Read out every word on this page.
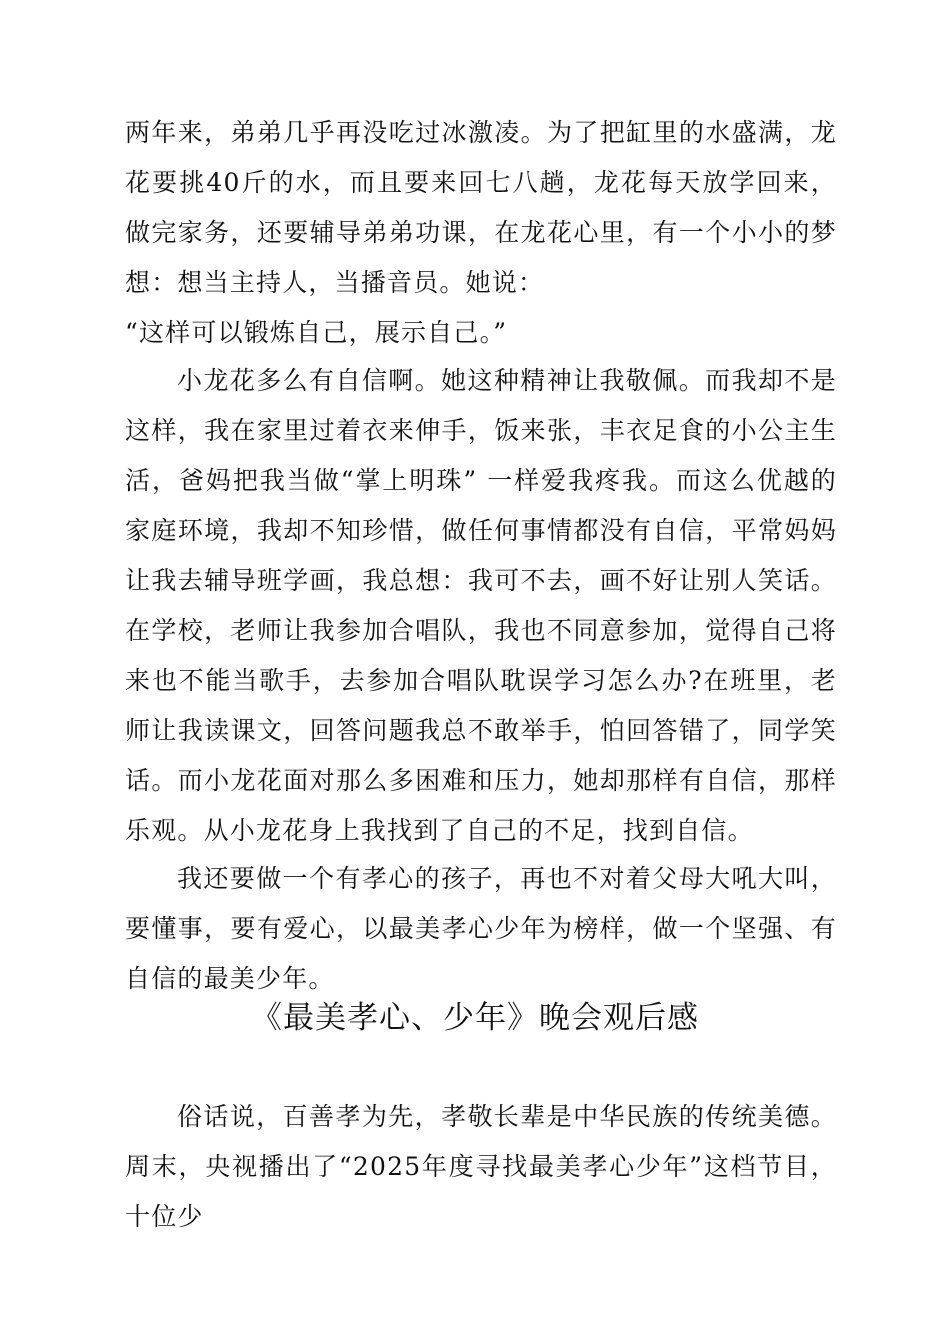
两年来，弟弟几乎再没吃过冰激凌。为了把缸里的水盛满，龙花要挑40斤的水，而且要来回七八趟，龙花每天放学回来，做完家务，还要辅导弟弟功课，在龙花心里，有一个小小的梦想：想当主持人，当播音员。她说：

“这样可以锻炼自己，展示自己。”

小龙花多么有自信啊。她这种精神让我敬佩。而我却不是这样，我在家里过着衣来伸手，饭来张，丰衣足食的小公主生活，爸妈把我当做“掌上明珠” 一样爱我疼我。而这么优越的家庭环境，我却不知珍惜，做任何事情都没有自信，平常妈妈让我去辅导班学画，我总想：我可不去，画不好让别人笑话。在学校，老师让我参加合唱队，我也不同意参加，觉得自己将来也不能当歌手，去参加合唱队耽误学习怎么办?在班里，老师让我读课文，回答问题我总不敢举手，怕回答错了，同学笑话。而小龙花面对那么多困难和压力，她却那样有自信，那样乐观。从小龙花身上我找到了自己的不足，找到自信。

我还要做一个有孝心的孩子，再也不对着父母大吼大叫，要懂事，要有爱心，以最美孝心少年为榜样，做一个坚强、有自信的最美少年。

《最美孝心、少年》晚会观后感

俗话说，百善孝为先，孝敬长辈是中华民族的传统美德。周末，央视播出了“2025年度寻找最美孝心少年”这档节目，十位少
